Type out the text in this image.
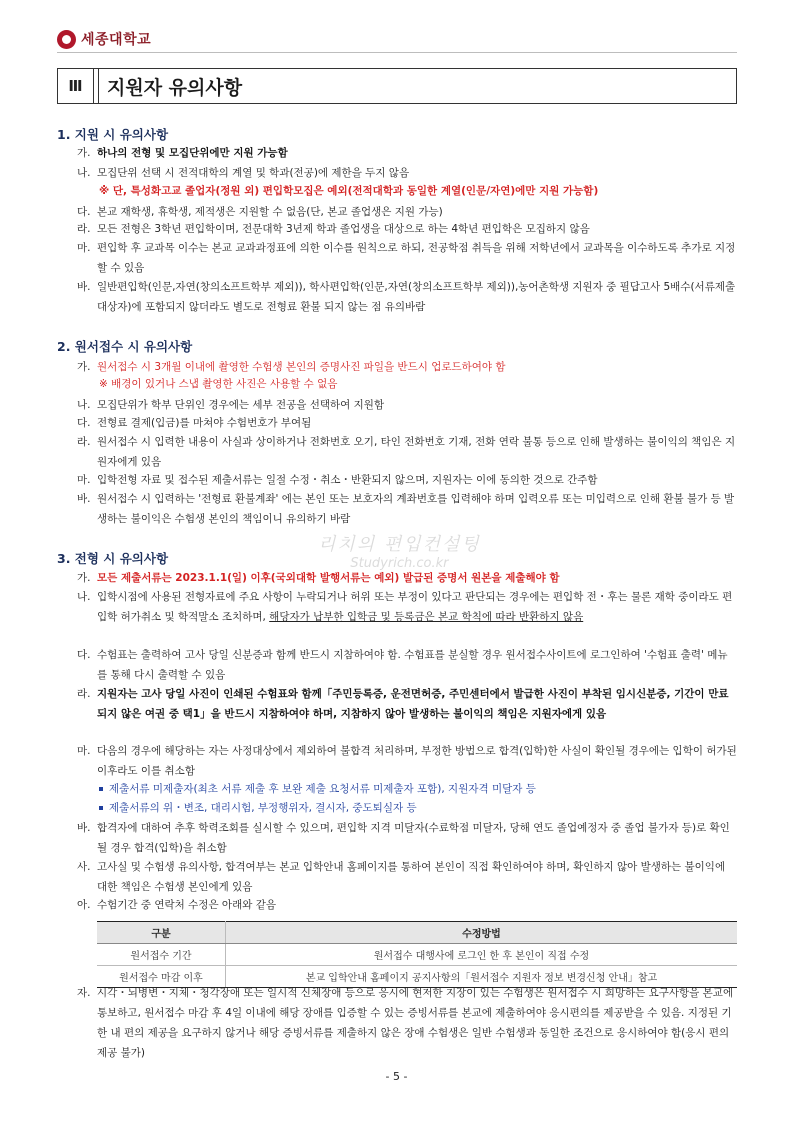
세종대학교
Ⅲ	지원자 유의사항
1. 지원 시 유의사항
가. 하나의 전형 및 모집단위에만 지원 가능함
나. 모집단위 선택 시 전적대학의 계열 및 학과(전공)에 제한을 두지 않음
※ 단, 특성화고교 졸업자(정원 외) 편입학모집은 예외(전적대학과 동일한 계열(인문/자연)에만 지원 가능함)
다. 본교 재학생, 휴학생, 제적생은 지원할 수 없음(단, 본교 졸업생은 지원 가능)
라. 모든 전형은 3학년 편입학이며, 전문대학 3년제 학과 졸업생을 대상으로 하는 4학년 편입학은 모집하지 않음
마. 편입학 후 교과목 이수는 본교 교과과정표에 의한 이수를 원칙으로 하되, 전공학점 취득을 위해 저학년에서 교과목을 이수하도록 추가로 지정할 수 있음
바. 일반편입학(인문,자연(창의소프트학부 제외)), 학사편입학(인문,자연(창의소프트학부 제외)),농어촌학생 지원자 중 필답고사 5배수(서류제출 대상자)에 포함되지 않더라도 별도로 전형료 환불 되지 않는 점 유의바람
2. 원서접수 시 유의사항
가. 원서접수 시 3개월 이내에 촬영한 수험생 본인의 증명사진 파일을 반드시 업로드하여야 함
※ 배경이 있거나 스냅 촬영한 사진은 사용할 수 없음
나. 모집단위가 학부 단위인 경우에는 세부 전공을 선택하여 지원함
다. 전형료 결제(입금)를 마쳐야 수험번호가 부여됨
라. 원서접수 시 입력한 내용이 사실과 상이하거나 전화번호 오기, 타인 전화번호 기재, 전화 연락 불통 등으로 인해 발생하는 불이익의 책임은 지원자에게 있음
마. 입학전형 자료 및 접수된 제출서류는 일절 수정・취소・반환되지 않으며, 지원자는 이에 동의한 것으로 간주함
바. 원서접수 시 입력하는 '전형료 환불계좌' 에는 본인 또는 보호자의 계좌번호를 입력해야 하며 입력오류 또는 미입력으로 인해 환불 불가 등 발생하는 불이익은 수험생 본인의 책임이니 유의하기 바람
리치의 편입컨설팅
Studyrich.co.kr
3. 전형 시 유의사항
가. 모든 제출서류는 2023.1.1(일) 이후(국외대학 발행서류는 예외) 발급된 증명서 원본을 제출해야 함
나. 입학시점에 사용된 전형자료에 주요 사항이 누락되거나 허위 또는 부정이 있다고 판단되는 경우에는 편입학 전・후는 물론 재학 중이라도 편입학 허가취소 및 학적말소 조치하며, 해당자가 납부한 입학금 및 등록금은 본교 학칙에 따라 반환하지 않음
다. 수험표는 출력하여 고사 당일 신분증과 함께 반드시 지참하여야 함. 수험표를 분실할 경우 원서접수사이트에 로그인하여 '수험표 출력' 메뉴를 통해 다시 출력할 수 있음
라. 지원자는 고사 당일 사진이 인쇄된 수험표와 함께「주민등록증, 운전면허증, 주민센터에서 발급한 사진이 부착된 임시신분증, 기간이 만료되지 않은 여권 중 택1」을 반드시 지참하여야 하며, 지참하지 않아 발생하는 불이익의 책임은 지원자에게 있음
마. 다음의 경우에 해당하는 자는 사정대상에서 제외하여 불합격 처리하며, 부정한 방법으로 합격(입학)한 사실이 확인될 경우에는 입학이 허가된 이후라도 이를 취소함
제출서류 미제출자(최초 서류 제출 후 보완 제출 요청서류 미제출자 포함), 지원자격 미달자 등
제출서류의 위・변조, 대리시험, 부정행위자, 결시자, 중도퇴실자 등
바. 합격자에 대하여 추후 학력조회를 실시할 수 있으며, 편입학 지격 미달자(수료학점 미달자, 당해 연도 졸업예정자 중 졸업 불가자 등)로 확인될 경우 합격(입학)을 취소함
사. 고사실 및 수험생 유의사항, 합격여부는 본교 입학안내 홈페이지를 통하여 본인이 직접 확인하여야 하며, 확인하지 않아 발생하는 불이익에 대한 책임은 수험생 본인에게 있음
아. 수험기간 중 연락처 수정은 아래와 같음
구분	수정방법
원서접수 기간	원서접수 대행사에 로그인 한 후 본인이 직접 수정
원서접수 마감 이후	본교 입학안내 홈페이지 공지사항의「원서접수 지원자 정보 변경신청 안내」참고
자. 시각・뇌병변・지체・청각장애 또는 일시적 신체장애 등으로 응시에 현저한 지장이 있는 수험생은 원서접수 시 희망하는 요구사항을 본교에 통보하고, 원서접수 마감 후 4일 이내에 해당 장애를 입증할 수 있는 증빙서류를 본교에 제출하여야 응시편의를 제공받을 수 있음. 지정된 기한 내 편의 제공을 요구하지 않거나 해당 증빙서류를 제출하지 않은 장애 수험생은 일반 수험생과 동일한 조건으로 응시하여야 함(응시 편의 제공 불가)
- 5 -
